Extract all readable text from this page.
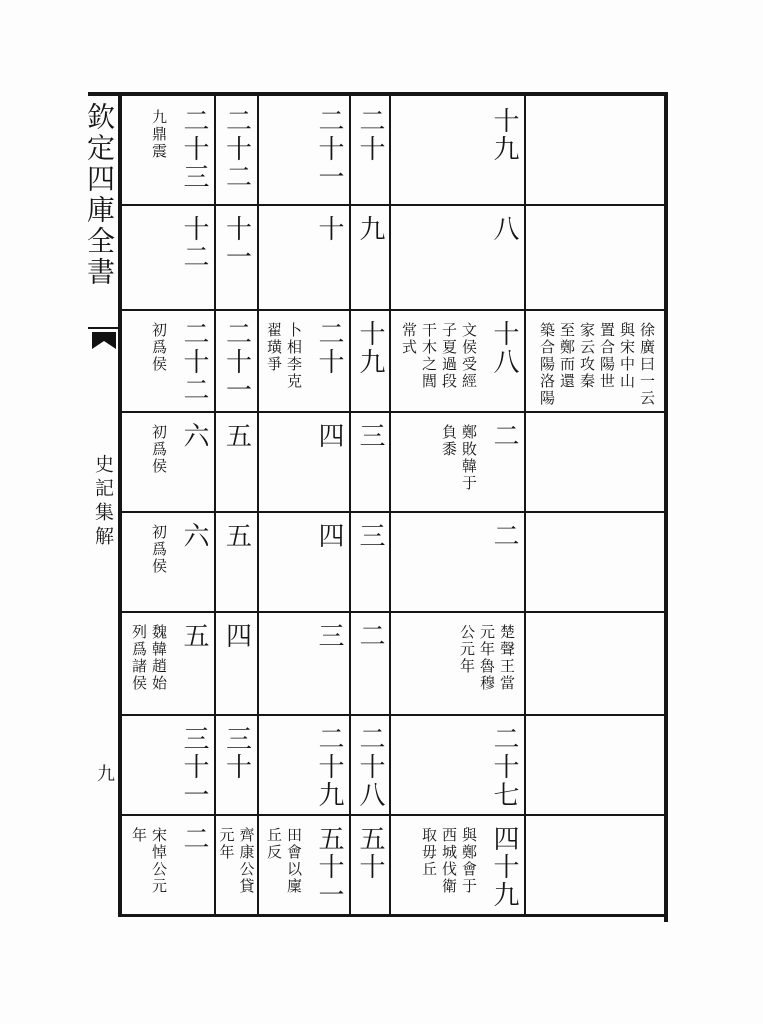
欽定四庫全書
史記集解
九
十九
二十
二十一
二十二
二十三
九鼎震
八
九
十
十一
十二
徐廣曰一云
與宋中山
置合陽世
家云攻秦
至鄭而還
築合陽洛陽
十八
文侯受經
子夏過段
干木之閭
常式
十九
二十
卜相李克
翟璜爭
二十一
二十二
初爲侯
二
鄭敗韓于
負黍
三
四
五
六
初爲侯
二
三
四
五
六
初爲侯
楚聲王當
元年魯穆
公元年
二
三
四
五
魏韓趙始
列爲諸侯
二十七
二十八
二十九
三十
三十一
四十九
與鄭會于
西城伐衛
取毋丘
五十
五十一
田會以廩
丘反
齊康公貸
元年
二
宋悼公元
年
